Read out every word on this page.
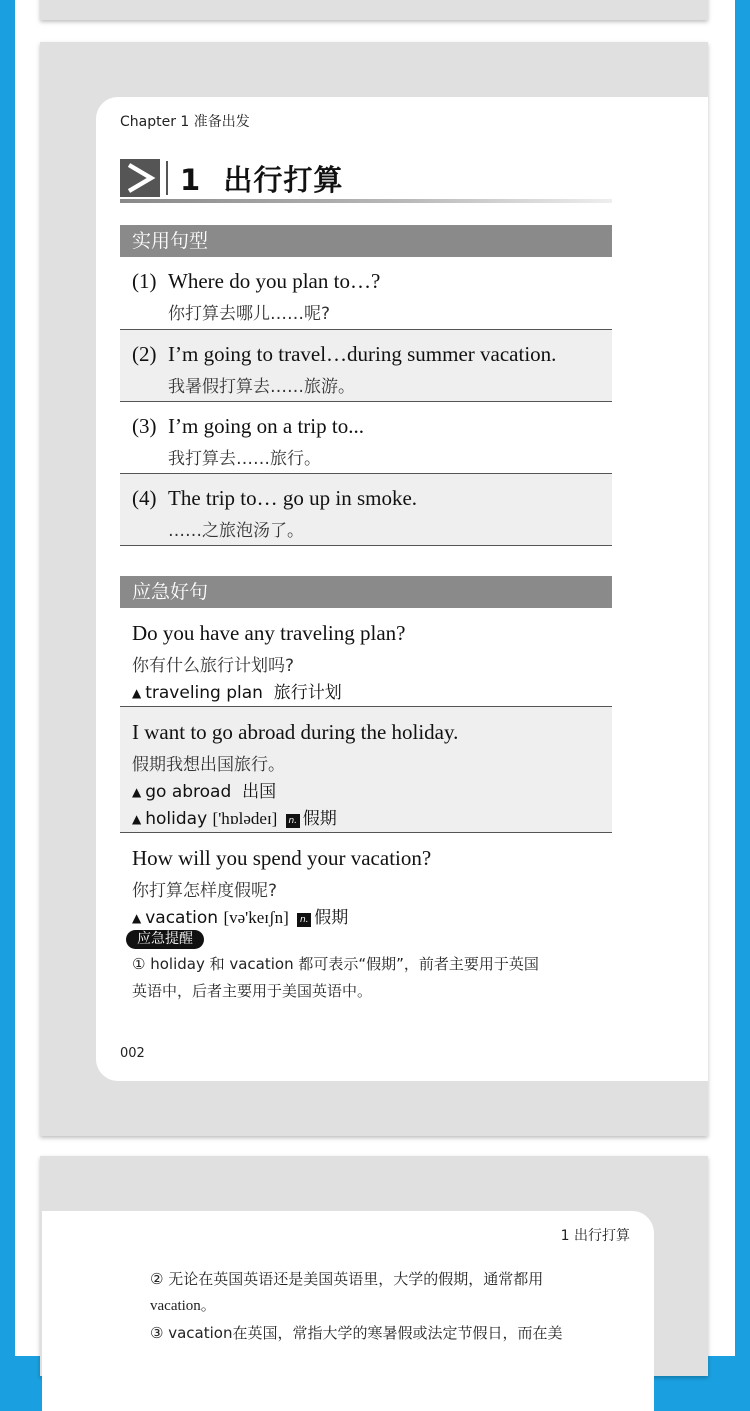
Chapter 1 准备出发
1 出行打算
实用句型
(1) Where do you plan to…?
你打算去哪儿……呢?
(2) I’m going to travel…during summer vacation.
我暑假打算去……旅游。
(3) I’m going on a trip to...
我打算去……旅行。
(4) The trip to… go up in smoke.
……之旅泡汤了。
应急好句
Do you have any traveling plan?
你有什么旅行计划吗?
▲ traveling plan 旅行计划
I want to go abroad during the holiday.
假期我想出国旅行。
▲ go abroad 出国
▲ holiday ['hɒlədeɪ] n. 假期
How will you spend your vacation?
你打算怎样度假呢?
▲ vacation [və'keɪʃn] n. 假期
应急提醒
① holiday 和 vacation 都可表示“假期”，前者主要用于英国
英语中，后者主要用于美国英语中。
002
1 出行打算
② 无论在英国英语还是美国英语里，大学的假期，通常都用
vacation。
③ vacation在英国，常指大学的寒暑假或法定节假日，而在美
